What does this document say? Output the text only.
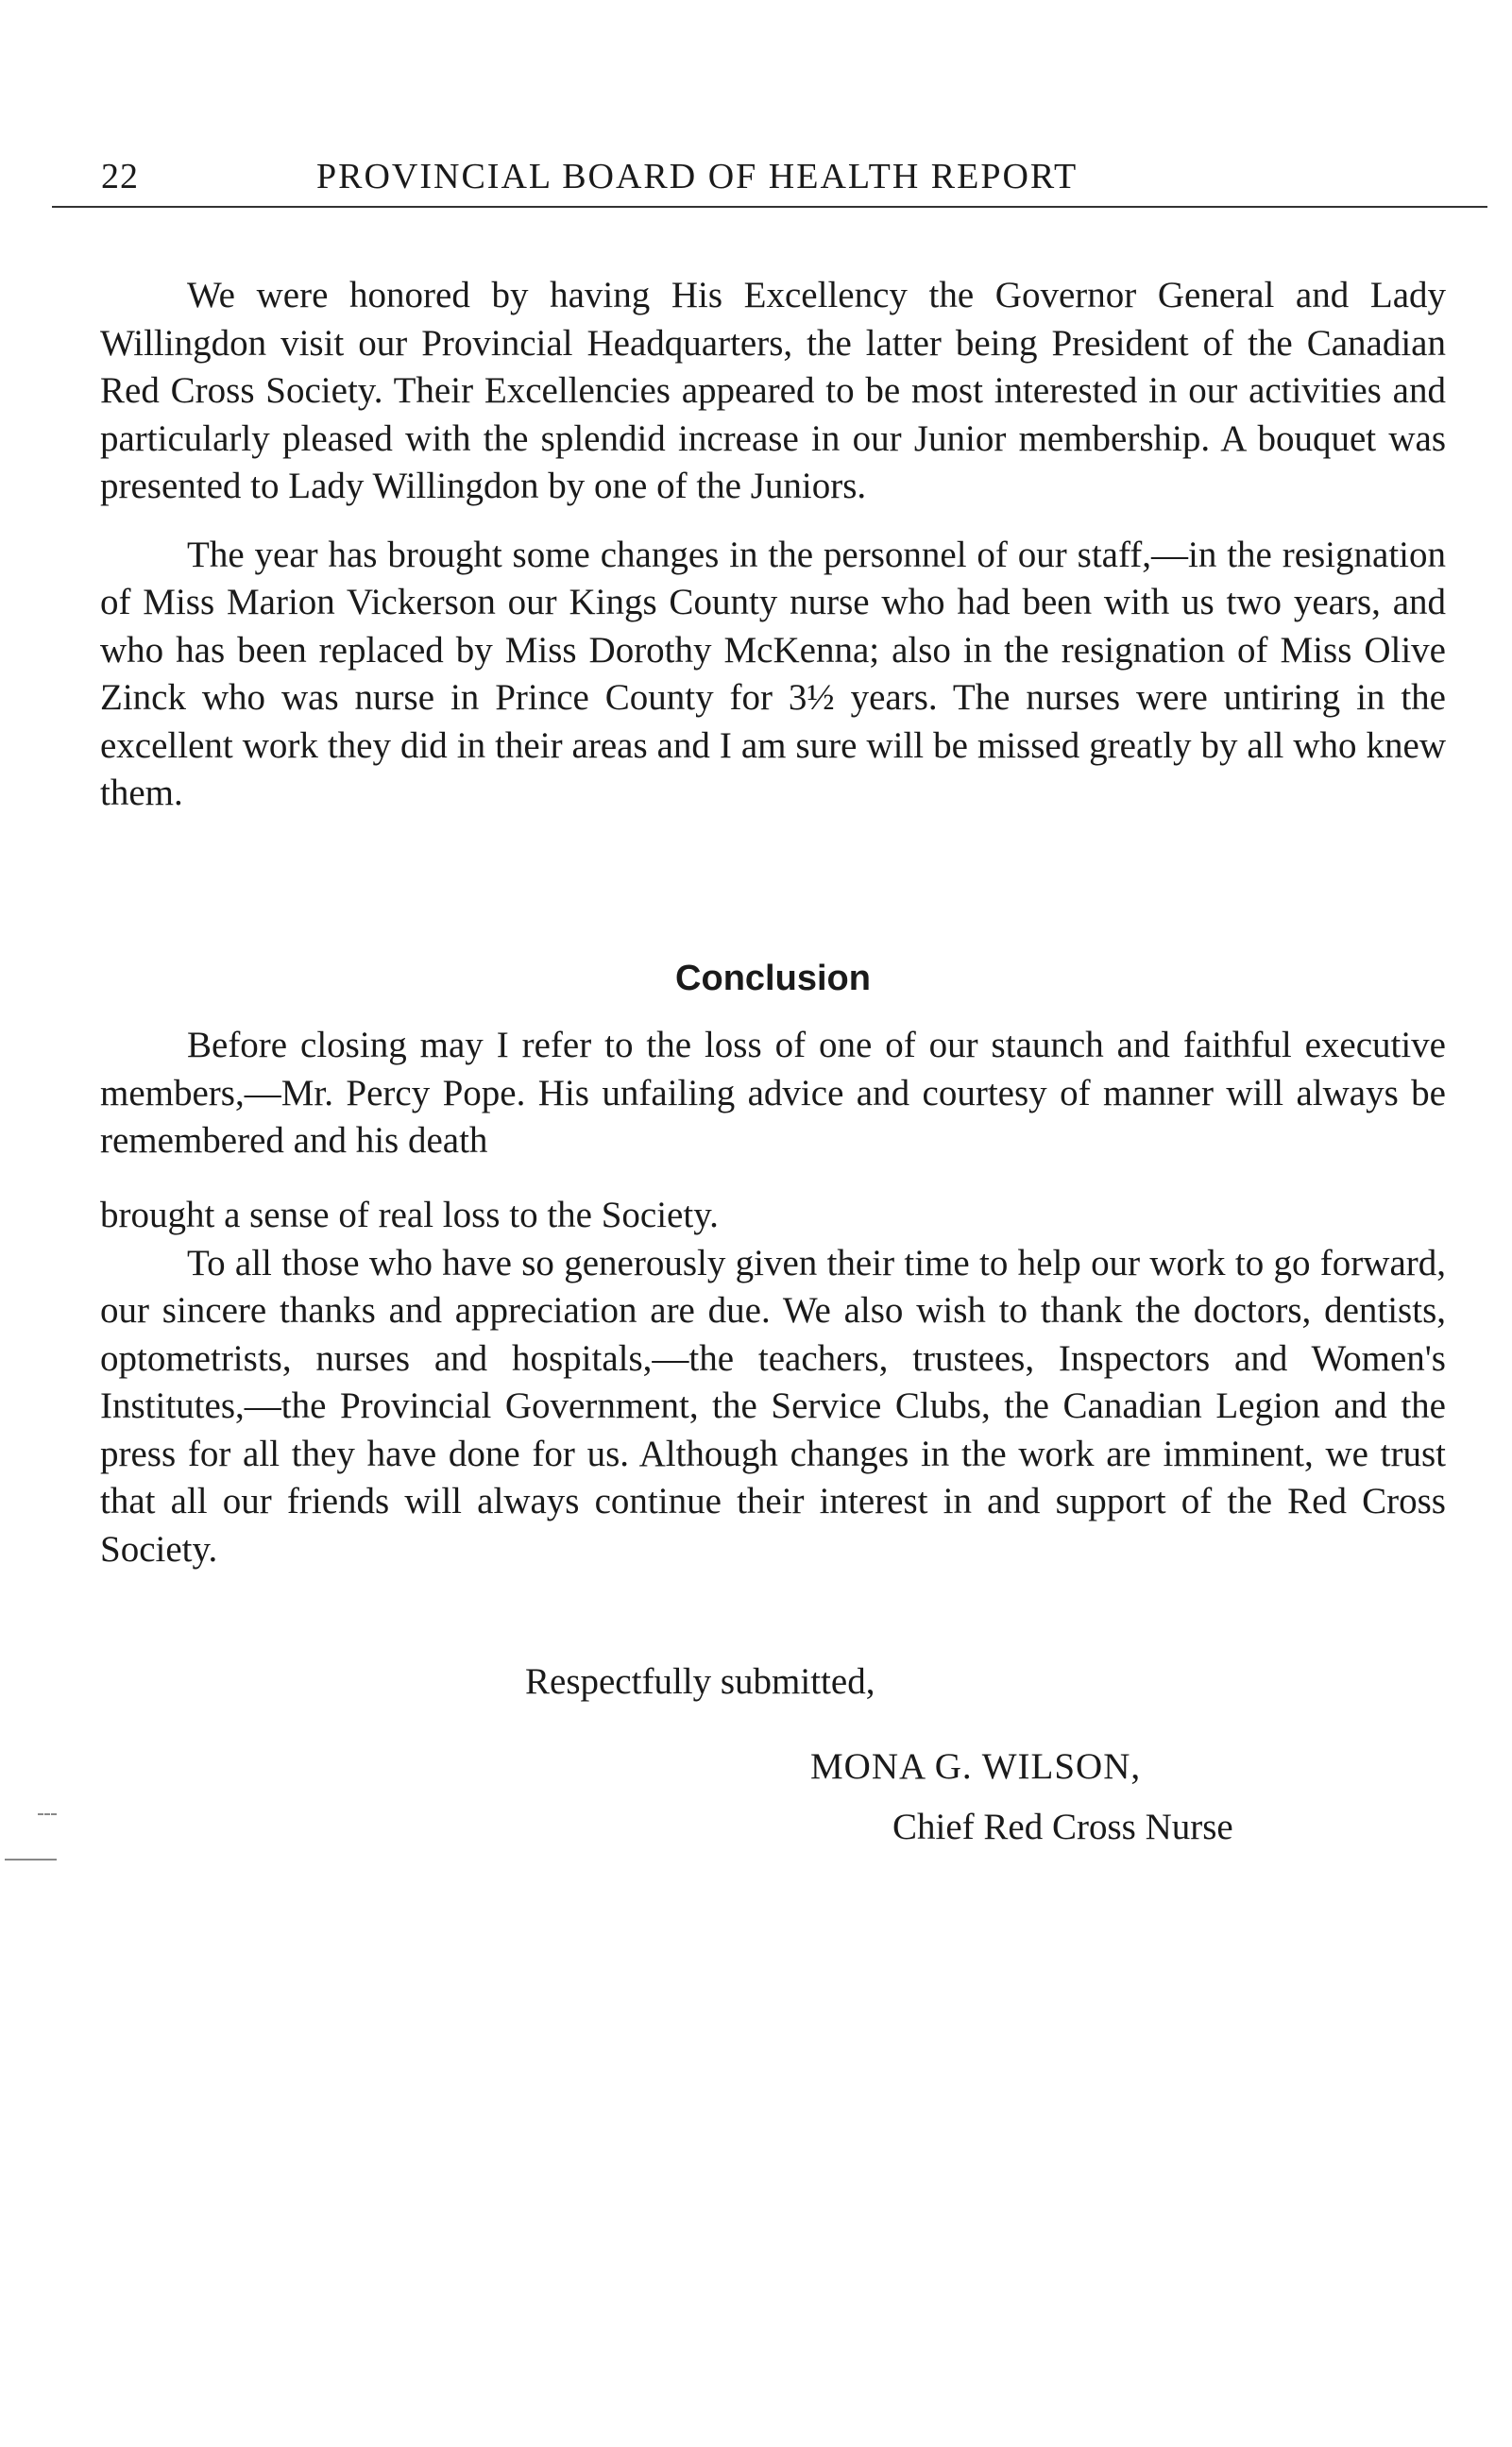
22	PROVINCIAL BOARD OF HEALTH REPORT

We were honored by having His Excellency the Governor General and Lady Willingdon visit our Provincial Headquarters, the latter being President of the Canadian Red Cross Society. Their Excellencies appeared to be most interested in our activities and particularly pleased with the splendid increase in our Junior membership. A bouquet was presented to Lady Willingdon by one of the Juniors.

The year has brought some changes in the personnel of our staff,—in the resignation of Miss Marion Vickerson our Kings County nurse who had been with us two years, and who has been replaced by Miss Dorothy McKenna; also in the resignation of Miss Olive Zinck who was nurse in Prince County for 3½ years. The nurses were untiring in the excellent work they did in their areas and I am sure will be missed greatly by all who knew them.

Conclusion

Before closing may I refer to the loss of one of our staunch and faithful executive members,—Mr. Percy Pope. His unfailing advice and courtesy of manner will always be remembered and his death

brought a sense of real loss to the Society.

To all those who have so generously given their time to help our work to go forward, our sincere thanks and appreciation are due. We also wish to thank the doctors, dentists, optometrists, nurses and hospitals,—the teachers, trustees, Inspectors and Women's Institutes,—the Provincial Government, the Service Clubs, the Canadian Legion and the press for all they have done for us. Although changes in the work are imminent, we trust that all our friends will always continue their interest in and support of the Red Cross Society.

Respectfully submitted,
MONA G. WILSON,
Chief Red Cross Nurse
